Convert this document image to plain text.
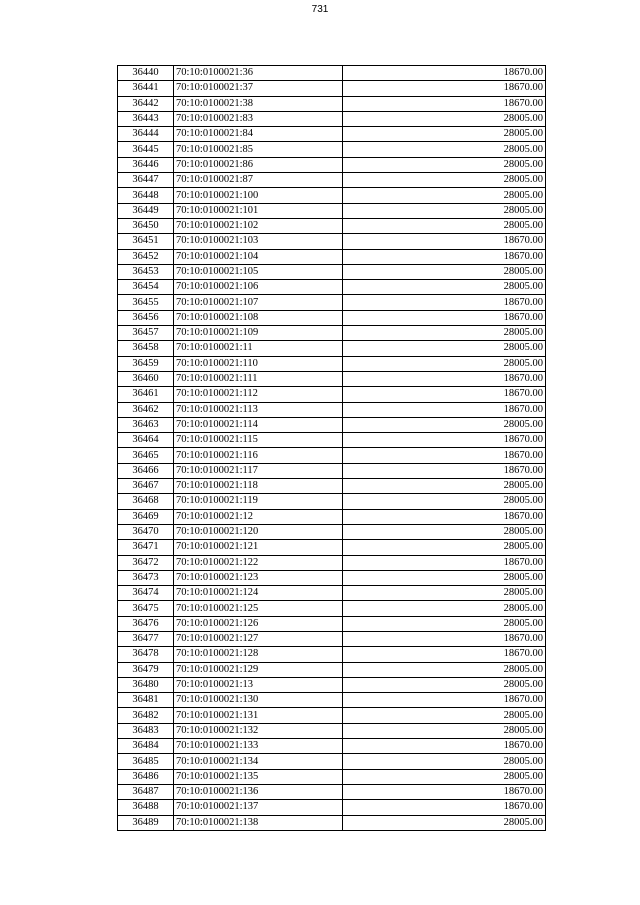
731
36440	70:10:0100021:36	18670.00
36441	70:10:0100021:37	18670.00
36442	70:10:0100021:38	18670.00
36443	70:10:0100021:83	28005.00
36444	70:10:0100021:84	28005.00
36445	70:10:0100021:85	28005.00
36446	70:10:0100021:86	28005.00
36447	70:10:0100021:87	28005.00
36448	70:10:0100021:100	28005.00
36449	70:10:0100021:101	28005.00
36450	70:10:0100021:102	28005.00
36451	70:10:0100021:103	18670.00
36452	70:10:0100021:104	18670.00
36453	70:10:0100021:105	28005.00
36454	70:10:0100021:106	28005.00
36455	70:10:0100021:107	18670.00
36456	70:10:0100021:108	18670.00
36457	70:10:0100021:109	28005.00
36458	70:10:0100021:11	28005.00
36459	70:10:0100021:110	28005.00
36460	70:10:0100021:111	18670.00
36461	70:10:0100021:112	18670.00
36462	70:10:0100021:113	18670.00
36463	70:10:0100021:114	28005.00
36464	70:10:0100021:115	18670.00
36465	70:10:0100021:116	18670.00
36466	70:10:0100021:117	18670.00
36467	70:10:0100021:118	28005.00
36468	70:10:0100021:119	28005.00
36469	70:10:0100021:12	18670.00
36470	70:10:0100021:120	28005.00
36471	70:10:0100021:121	28005.00
36472	70:10:0100021:122	18670.00
36473	70:10:0100021:123	28005.00
36474	70:10:0100021:124	28005.00
36475	70:10:0100021:125	28005.00
36476	70:10:0100021:126	28005.00
36477	70:10:0100021:127	18670.00
36478	70:10:0100021:128	18670.00
36479	70:10:0100021:129	28005.00
36480	70:10:0100021:13	28005.00
36481	70:10:0100021:130	18670.00
36482	70:10:0100021:131	28005.00
36483	70:10:0100021:132	28005.00
36484	70:10:0100021:133	18670.00
36485	70:10:0100021:134	28005.00
36486	70:10:0100021:135	28005.00
36487	70:10:0100021:136	18670.00
36488	70:10:0100021:137	18670.00
36489	70:10:0100021:138	28005.00
